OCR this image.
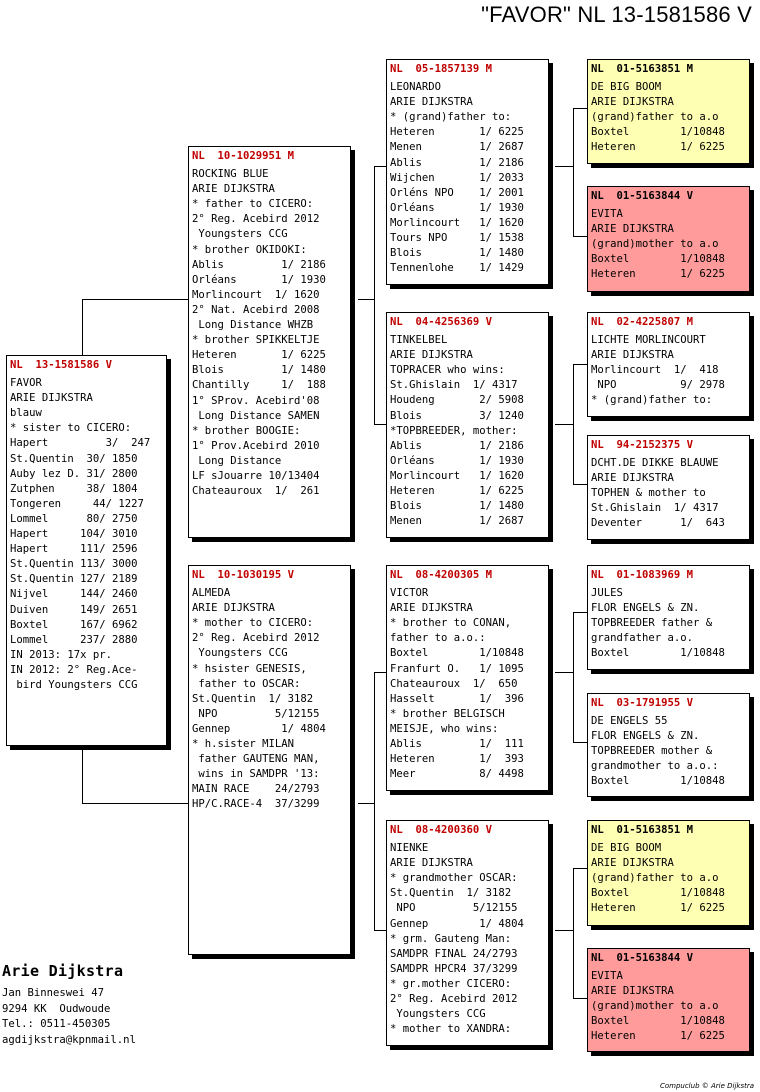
"FAVOR" NL 13-1581586 V
NL  13-1581586 V
FAVOR
ARIE DIJKSTRA
blauw
* sister to CICERO:
Hapert         3/  247
St.Quentin  30/ 1850
Auby lez D. 31/ 2800
Zutphen     38/ 1804
Tongeren     44/ 1227
Lommel      80/ 2750
Hapert     104/ 3010
Hapert     111/ 2596
St.Quentin 113/ 3000
St.Quentin 127/ 2189
Nijvel     144/ 2460
Duiven     149/ 2651
Boxtel     167/ 6962
Lommel     237/ 2880
IN 2013: 17x pr.
IN 2012: 2° Reg.Ace-
bird Youngsters CCG
NL  10-1029951 M
ROCKING BLUE
ARIE DIJKSTRA
* father to CICERO:
2° Reg. Acebird 2012
Youngsters CCG
* brother OKIDOKI:
Ablis         1/ 2186
Orléans       1/ 1930
Morlincourt  1/ 1620
2° Nat. Acebird 2008
Long Distance WHZB
* brother SPIKKELTJE
Heteren       1/ 6225
Blois         1/ 1480
Chantilly     1/  188
1° SProv. Acebird'08
Long Distance SAMEN
* brother BOOGIE:
1° Prov.Acebird 2010
Long Distance
LF sJouarre 10/13404
Chateauroux  1/  261
NL  10-1030195 V
ALMEDA
ARIE DIJKSTRA
* mother to CICERO:
2° Reg. Acebird 2012
Youngsters CCG
* hsister GENESIS,
father to OSCAR:
St.Quentin  1/ 3182
NPO         5/12155
Gennep        1/ 4804
* h.sister MILAN
father GAUTENG MAN,
wins in SAMDPR '13:
MAIN RACE    24/2793
HP/C.RACE-4  37/3299
NL  05-1857139 M
LEONARDO
ARIE DIJKSTRA
* (grand)father to:
Heteren       1/ 6225
Menen         1/ 2687
Ablis         1/ 2186
Wijchen       1/ 2033
Orléns NPO    1/ 2001
Orléans       1/ 1930
Morlincourt   1/ 1620
Tours NPO     1/ 1538
Blois         1/ 1480
Tennenlohe    1/ 1429
NL  04-4256369 V
TINKELBEL
ARIE DIJKSTRA
TOPRACER who wins:
St.Ghislain  1/ 4317
Houdeng       2/ 5908
Blois         3/ 1240
*TOPBREEDER, mother:
Ablis         1/ 2186
Orléans       1/ 1930
Morlincourt   1/ 1620
Heteren       1/ 6225
Blois         1/ 1480
Menen         1/ 2687
NL  08-4200305 M
VICTOR
ARIE DIJKSTRA
* brother to CONAN,
father to a.o.:
Boxtel        1/10848
Franfurt O.   1/ 1095
Chateauroux  1/  650
Hasselt       1/  396
* brother BELGISCH
MEISJE, who wins:
Ablis         1/  111
Heteren       1/  393
Meer          8/ 4498
NL  08-4200360 V
NIENKE
ARIE DIJKSTRA
* grandmother OSCAR:
St.Quentin  1/ 3182
NPO         5/12155
Gennep        1/ 4804
* grm. Gauteng Man:
SAMDPR FINAL 24/2793
SAMDPR HPCR4 37/3299
* gr.mother CICERO:
2° Reg. Acebird 2012
Youngsters CCG
* mother to XANDRA:
NL  01-5163851 M
DE BIG BOOM
ARIE DIJKSTRA
(grand)father to a.o
Boxtel        1/10848
Heteren       1/ 6225
NL  01-5163844 V
EVITA
ARIE DIJKSTRA
(grand)mother to a.o
Boxtel        1/10848
Heteren       1/ 6225
NL  02-4225807 M
LICHTE MORLINCOURT
ARIE DIJKSTRA
Morlincourt  1/  418
NPO          9/ 2978
* (grand)father to:
NL  94-2152375 V
DCHT.DE DIKKE BLAUWE
ARIE DIJKSTRA
TOPHEN & mother to
St.Ghislain  1/ 4317
Deventer      1/  643
NL  01-1083969 M
JULES
FLOR ENGELS & ZN.
TOPBREEDER father &
grandfather a.o.
Boxtel        1/10848
NL  03-1791955 V
DE ENGELS 55
FLOR ENGELS & ZN.
TOPBREEDER mother &
grandmother to a.o.:
Boxtel        1/10848
NL  01-5163851 M
DE BIG BOOM
ARIE DIJKSTRA
(grand)father to a.o
Boxtel        1/10848
Heteren       1/ 6225
NL  01-5163844 V
EVITA
ARIE DIJKSTRA
(grand)mother to a.o
Boxtel        1/10848
Heteren       1/ 6225
Arie Dijkstra
Jan Binneswei 47
9294 KK  Oudwoude
Tel.: 0511-450305
agdijkstra@kpnmail.nl
Compuclub © Arie Dijkstra
